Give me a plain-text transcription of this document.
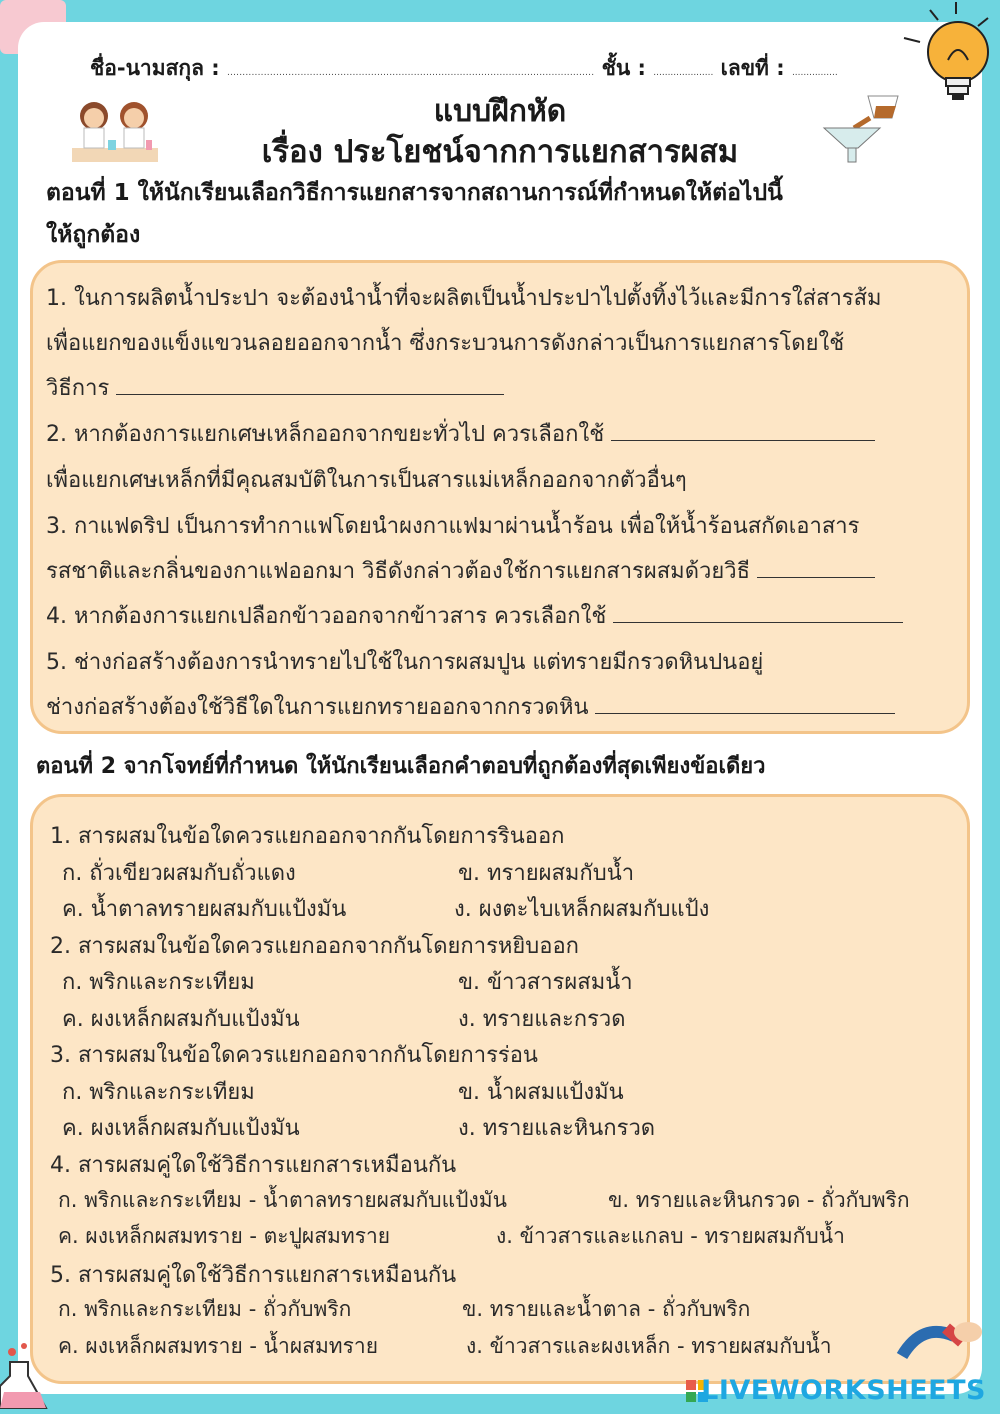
ชื่อ-นามสกุล : ........................................................................................................................ ชั้น : ..................... เลขที่ : ................
แบบฝึกหัด
เรื่อง ประโยชน์จากการแยกสารผสม
ตอนที่ 1 ให้นักเรียนเลือกวิธีการแยกสารจากสถานการณ์ที่กำหนดให้ต่อไปนี้
ให้ถูกต้อง
1. ในการผลิตน้ำประปา จะต้องนำน้ำที่จะผลิตเป็นน้ำประปาไปตั้งทิ้งไว้และมีการใส่สารส้ม
เพื่อแยกของแข็งแขวนลอยออกจากน้ำ ซึ่งกระบวนการดังกล่าวเป็นการแยกสารโดยใช้
วิธีการ
2. หากต้องการแยกเศษเหล็กออกจากขยะทั่วไป ควรเลือกใช้
เพื่อแยกเศษเหล็กที่มีคุณสมบัติในการเป็นสารแม่เหล็กออกจากตัวอื่นๆ
3. กาแฟดริป เป็นการทำกาแฟโดยนำผงกาแฟมาผ่านน้ำร้อน เพื่อให้น้ำร้อนสกัดเอาสาร
รสชาติและกลิ่นของกาแฟออกมา วิธีดังกล่าวต้องใช้การแยกสารผสมด้วยวิธี
4. หากต้องการแยกเปลือกข้าวออกจากข้าวสาร ควรเลือกใช้
5. ช่างก่อสร้างต้องการนำทรายไปใช้ในการผสมปูน แต่ทรายมีกรวดหินปนอยู่
ช่างก่อสร้างต้องใช้วิธีใดในการแยกทรายออกจากกรวดหิน
ตอนที่ 2 จากโจทย์ที่กำหนด ให้นักเรียนเลือกคำตอบที่ถูกต้องที่สุดเพียงข้อเดียว
1. สารผสมในข้อใดควรแยกออกจากกันโดยการรินออก
ก. ถั่วเขียวผสมกับถั่วแดง	ข. ทรายผสมกับน้ำ
ค. น้ำตาลทรายผสมกับแป้งมัน	ง. ผงตะไบเหล็กผสมกับแป้ง
2. สารผสมในข้อใดควรแยกออกจากกันโดยการหยิบออก
ก. พริกและกระเทียม	ข. ข้าวสารผสมน้ำ
ค. ผงเหล็กผสมกับแป้งมัน	ง. ทรายและกรวด
3. สารผสมในข้อใดควรแยกออกจากกันโดยการร่อน
ก. พริกและกระเทียม	ข. น้ำผสมแป้งมัน
ค. ผงเหล็กผสมกับแป้งมัน	ง. ทรายและหินกรวด
4. สารผสมคู่ใดใช้วิธีการแยกสารเหมือนกัน
ก. พริกและกระเทียม - น้ำตาลทรายผสมกับแป้งมัน	ข. ทรายและหินกรวด - ถั่วกับพริก
ค. ผงเหล็กผสมทราย - ตะปูผสมทราย	ง. ข้าวสารและแกลบ - ทรายผสมกับน้ำ
5. สารผสมคู่ใดใช้วิธีการแยกสารเหมือนกัน
ก. พริกและกระเทียม - ถั่วกับพริก	ข. ทรายและน้ำตาล - ถั่วกับพริก
ค. ผงเหล็กผสมทราย - น้ำผสมทราย	ง. ข้าวสารและผงเหล็ก - ทรายผสมกับน้ำ
LIVEWORKSHEETS
